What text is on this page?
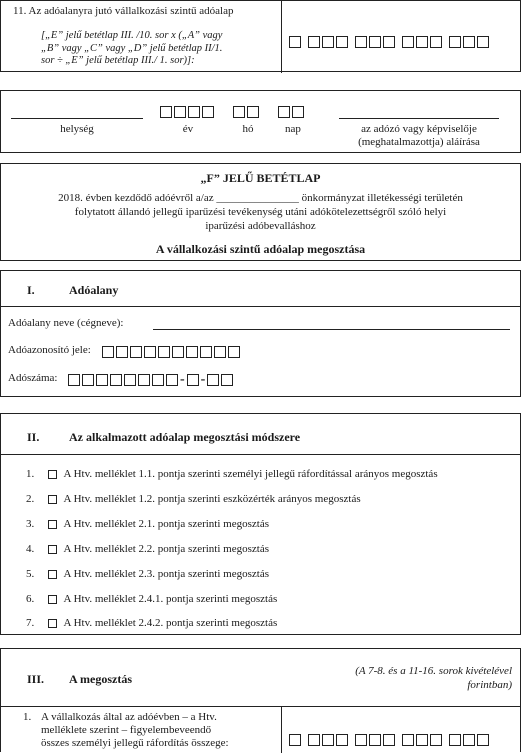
11. Az adóalanyra jutó vállalkozási szintű adóalap
[„E” jelű betétlap III. /10. sor x („A” vagy
„B” vagy „C” vagy „D” jelű betétlap II/1.
sor ÷ „E” jelű betétlap III./ 1. sor)]:
helység	év	hó	nap	az adózó vagy képviselője
(meghatalmazottja) aláírása
„F” JELŰ BETÉTLAP
2018. évben kezdődő adóévről a/az _______________ önkormányzat illetékességi területén
folytatott állandó jellegű iparűzési tevékenység utáni adókötelezettségről szóló helyi
iparűzési adóbevalláshoz
A vállalkozási szintű adóalap megosztása
I.	Adóalany
Adóalany neve (cégneve):
Adóazonosító jele:
Adószáma:	- -
II. Az alkalmazott adóalap megosztási módszere
1.	A Htv. melléklet 1.1. pontja szerinti személyi jellegű ráfordítással arányos megosztás
2.	A Htv. melléklet 1.2. pontja szerinti eszközérték arányos megosztás
3.	A Htv. melléklet 2.1. pontja szerinti megosztás
4.	A Htv. melléklet 2.2. pontja szerinti megosztás
5.	A Htv. melléklet 2.3. pontja szerinti megosztás
6.	A Htv. melléklet 2.4.1. pontja szerinti megosztás
7.	A Htv. melléklet 2.4.2. pontja szerinti megosztás
III. A megosztás
(A 7-8. és a 11-16. sorok kivételével
forintban)
1. A vállalkozás által az adóévben – a Htv.
melléklete szerint – figyelembeveendő
összes személyi jellegű ráfordítás összege:
